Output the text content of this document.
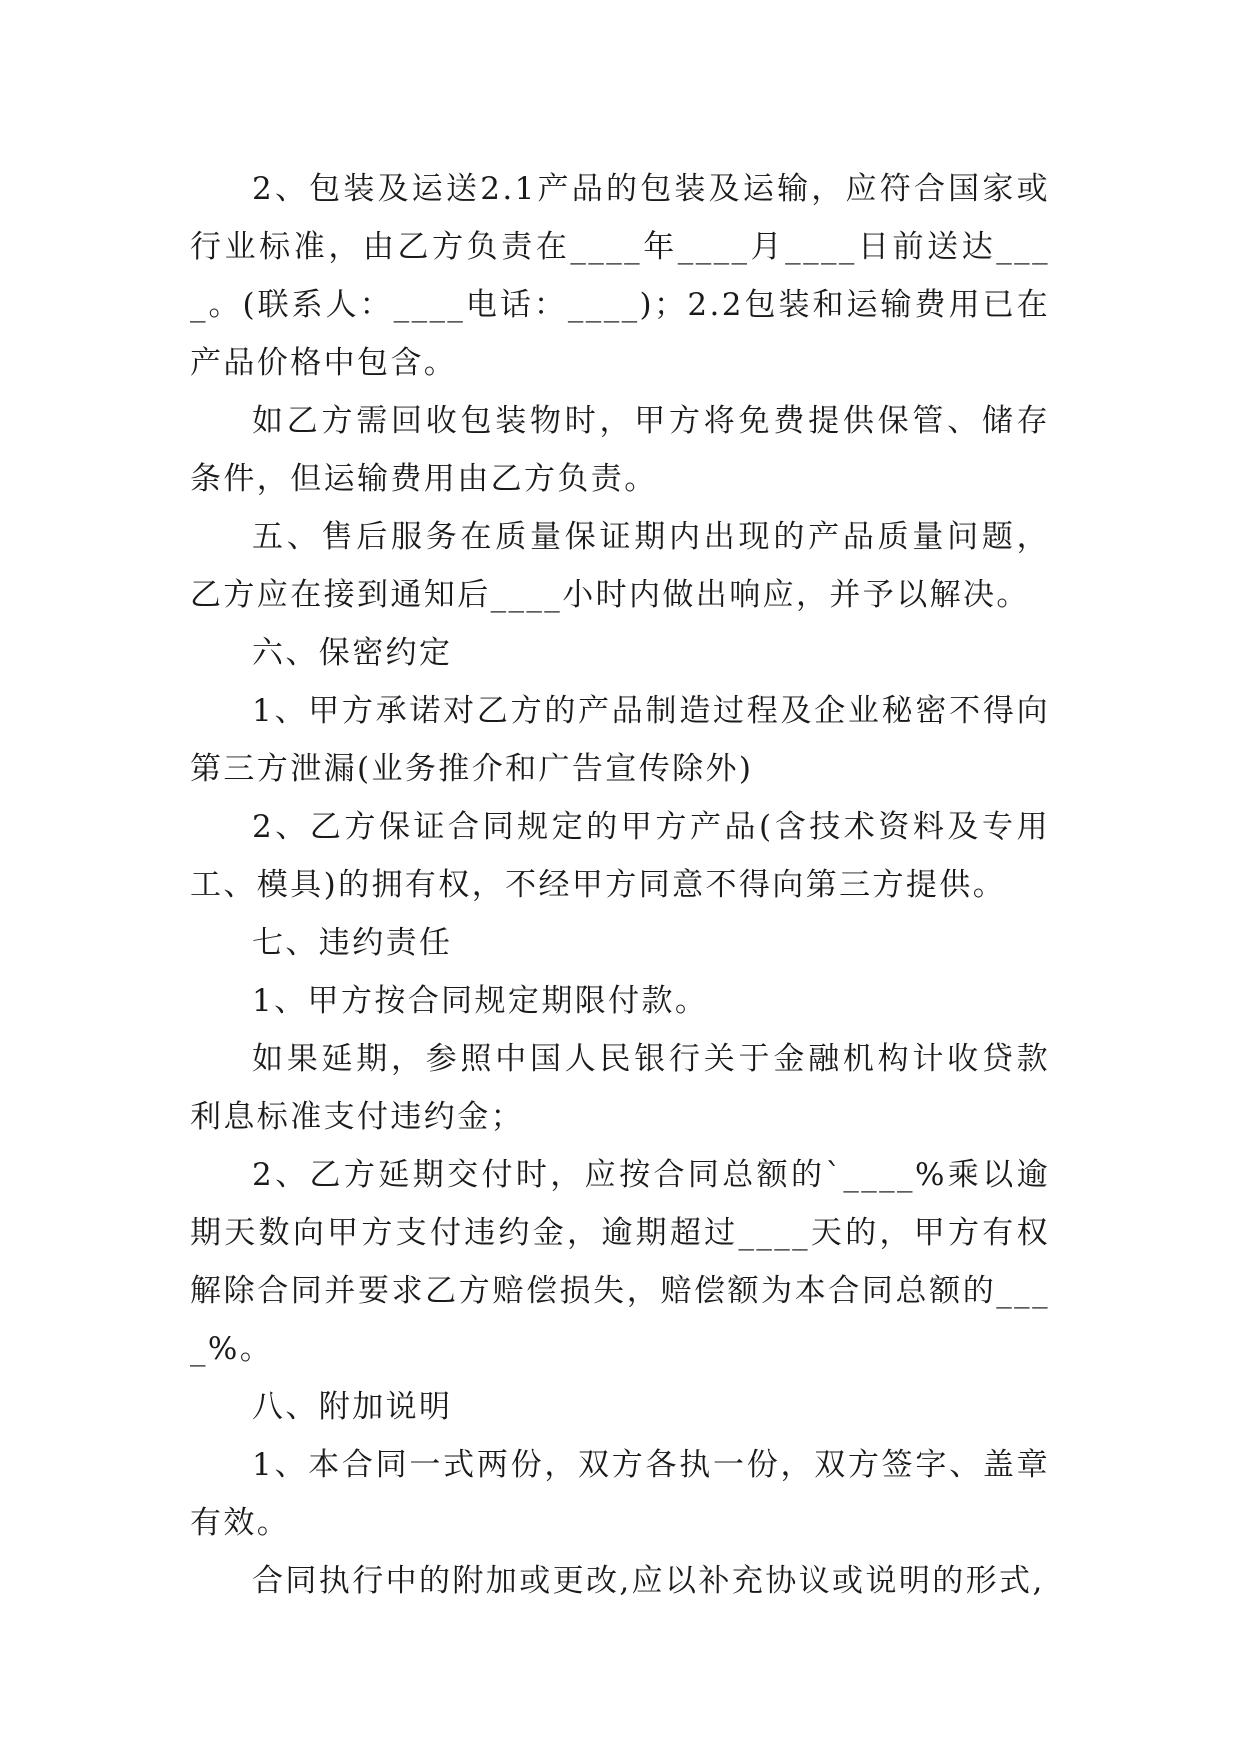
2、包装及运送2.1产品的包装及运输，应符合国家或行业标准，由乙方负责在____年____月____日前送达____。(联系人：____电话：____)；2.2包装和运输费用已在产品价格中包含。

如乙方需回收包装物时，甲方将免费提供保管、储存条件，但运输费用由乙方负责。

五、售后服务在质量保证期内出现的产品质量问题，乙方应在接到通知后____小时内做出响应，并予以解决。

六、保密约定

1、甲方承诺对乙方的产品制造过程及企业秘密不得向第三方泄漏(业务推介和广告宣传除外)

2、乙方保证合同规定的甲方产品(含技术资料及专用工、模具)的拥有权，不经甲方同意不得向第三方提供。

七、违约责任

1、甲方按合同规定期限付款。

如果延期，参照中国人民银行关于金融机构计收贷款利息标准支付违约金；

2、乙方延期交付时，应按合同总额的`____%乘以逾期天数向甲方支付违约金，逾期超过____天的，甲方有权解除合同并要求乙方赔偿损失，赔偿额为本合同总额的____%。

八、附加说明

1、本合同一式两份，双方各执一份，双方签字、盖章有效。

合同执行中的附加或更改,应以补充协议或说明的形式,
